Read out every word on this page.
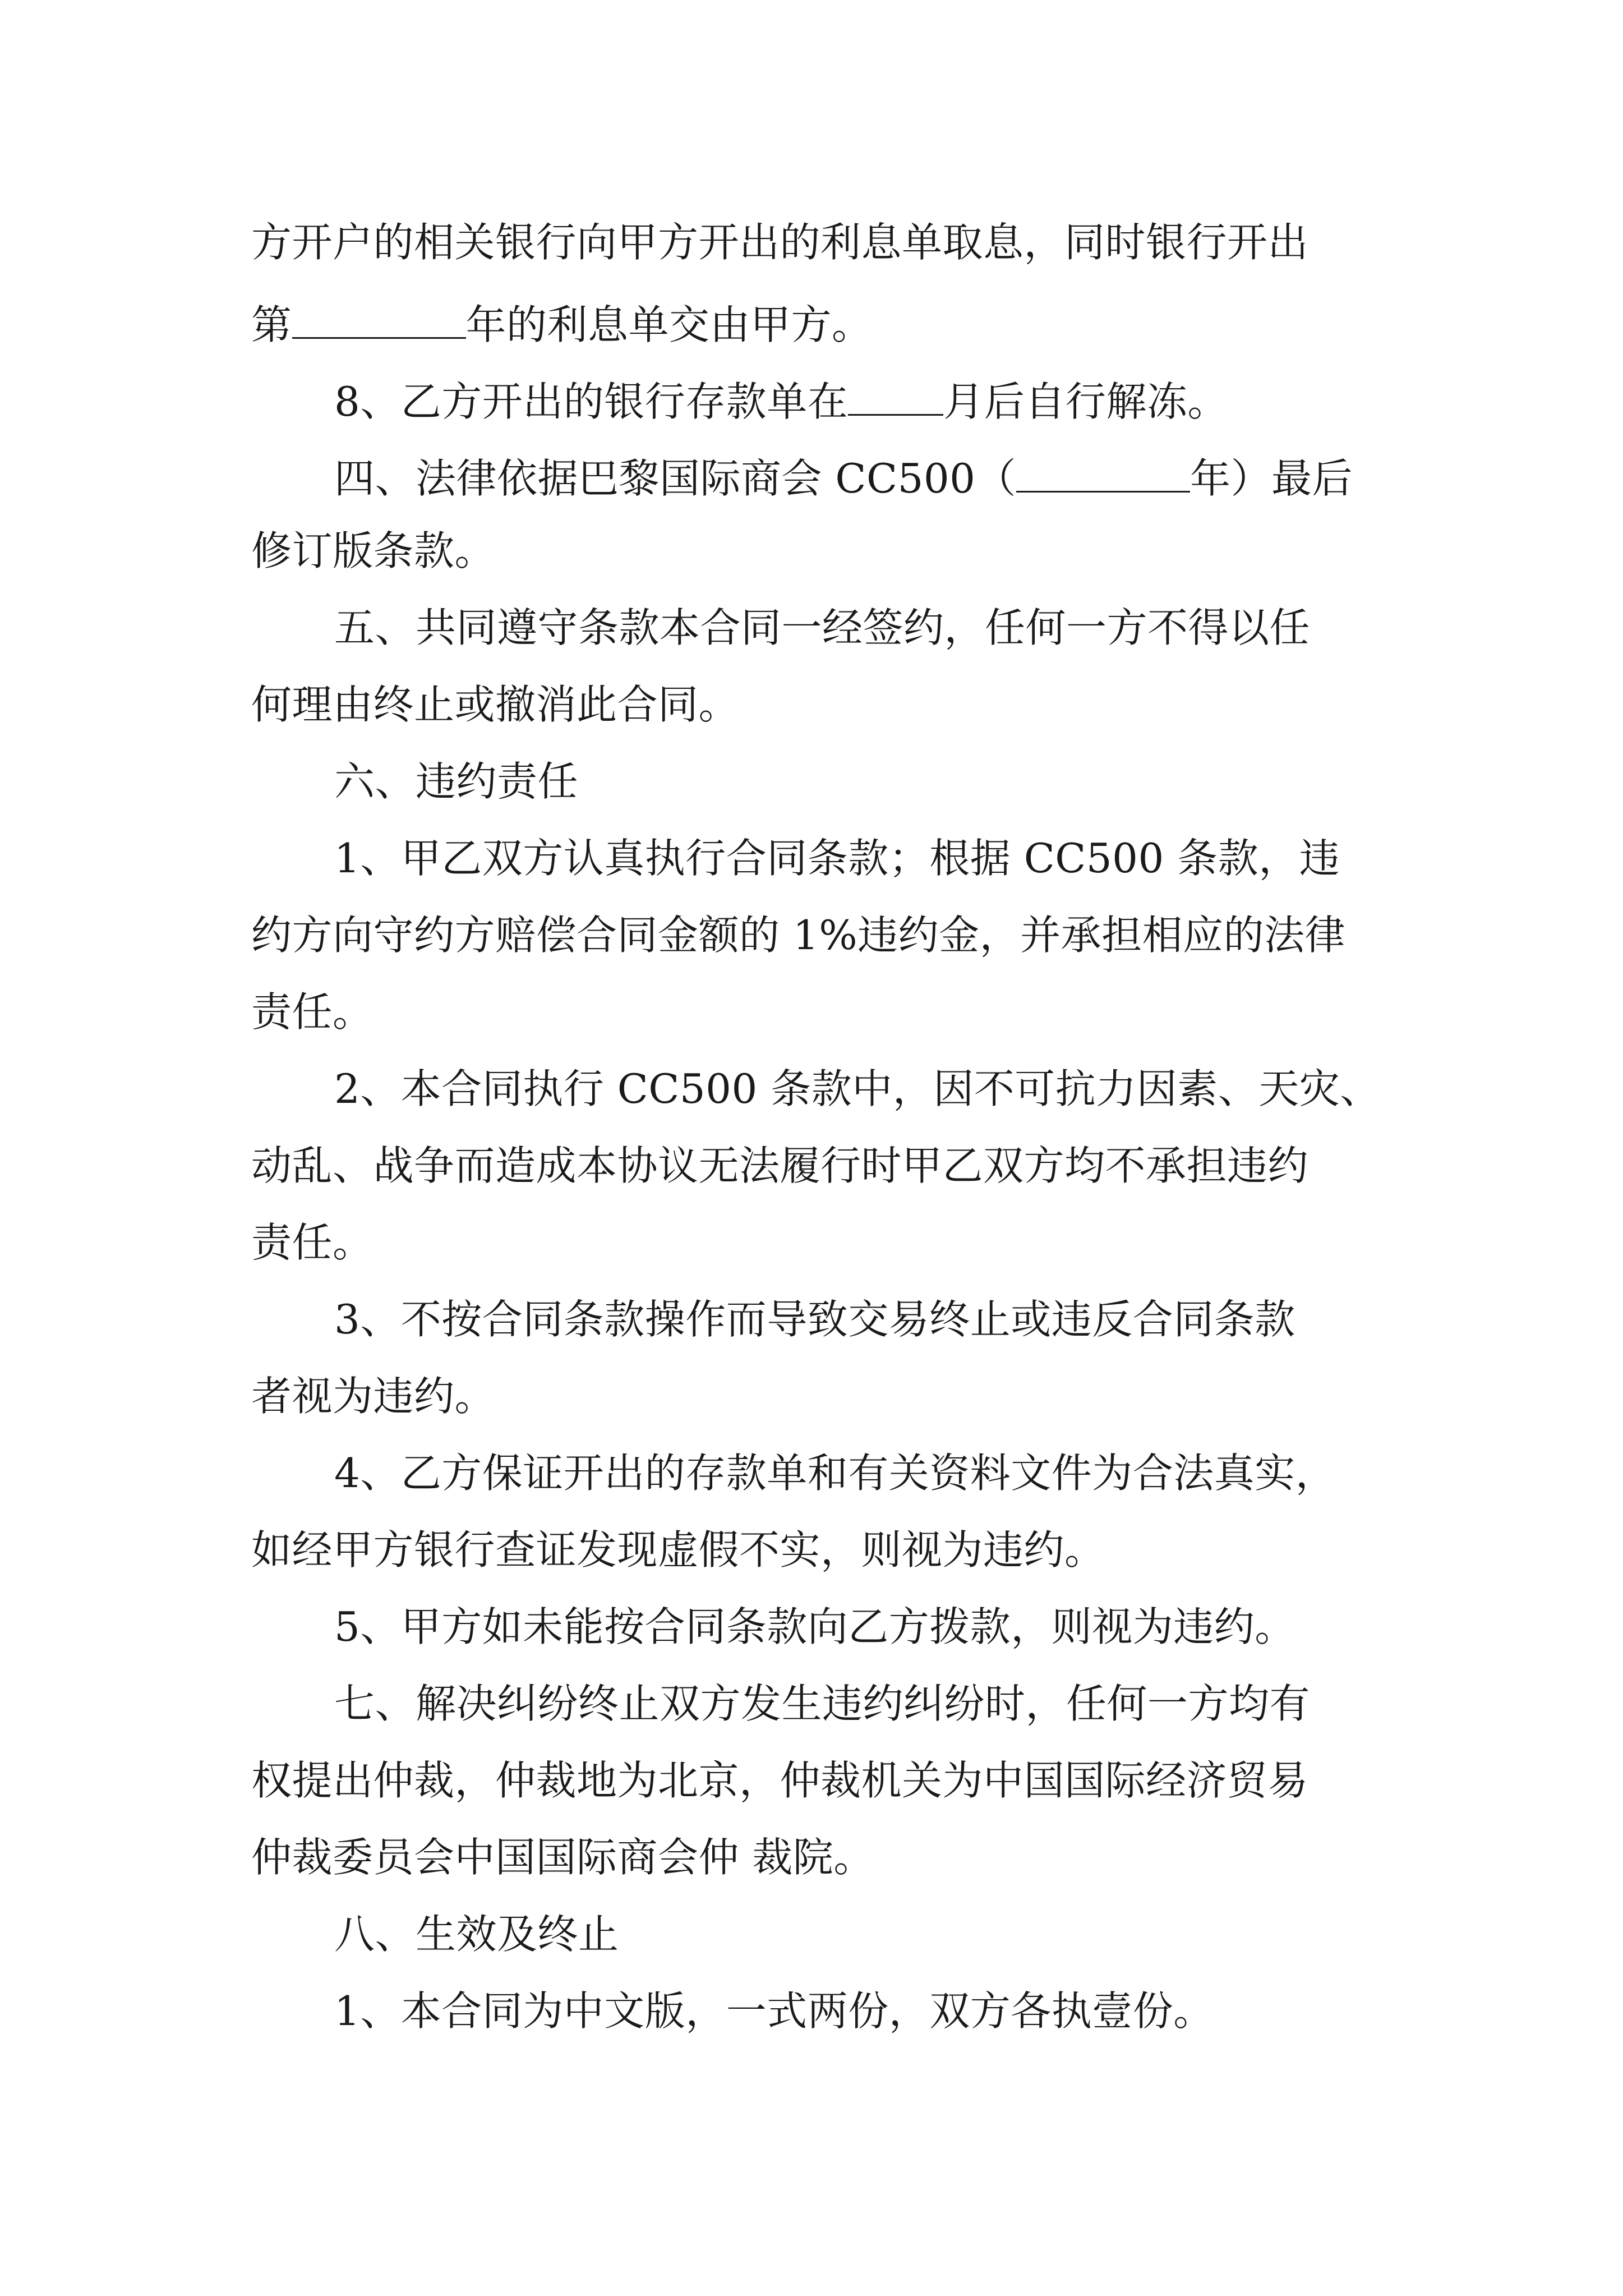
方开户的相关银行向甲方开出的利息单取息，同时银行开出
第	年的利息单交由甲方。
8、乙方开出的银行存款单在 月后自行解冻。
四、法律依据巴黎国际商会 CC500（	年）最后
修订版条款。
五、共同遵守条款本合同一经签约，任何一方不得以任
何理由终止或撤消此合同。
六、违约责任
1、甲乙双方认真执行合同条款；根据 CC500 条款，违
约方向守约方赔偿合同金额的 1%违约金，并承担相应的法律
责任。
2、本合同执行 CC500 条款中，因不可抗力因素、天灾、
动乱、战争而造成本协议无法履行时甲乙双方均不承担违约
责任。
3、不按合同条款操作而导致交易终止或违反合同条款
者视为违约。
4、乙方保证开出的存款单和有关资料文件为合法真实，
如经甲方银行查证发现虚假不实，则视为违约。
5、甲方如未能按合同条款向乙方拨款，则视为违约。
七、解决纠纷终止双方发生违约纠纷时，任何一方均有
权提出仲裁，仲裁地为北京，仲裁机关为中国国际经济贸易
仲裁委员会中国国际商会仲 裁院。
八、生效及终止
1、本合同为中文版，一式两份，双方各执壹份。
